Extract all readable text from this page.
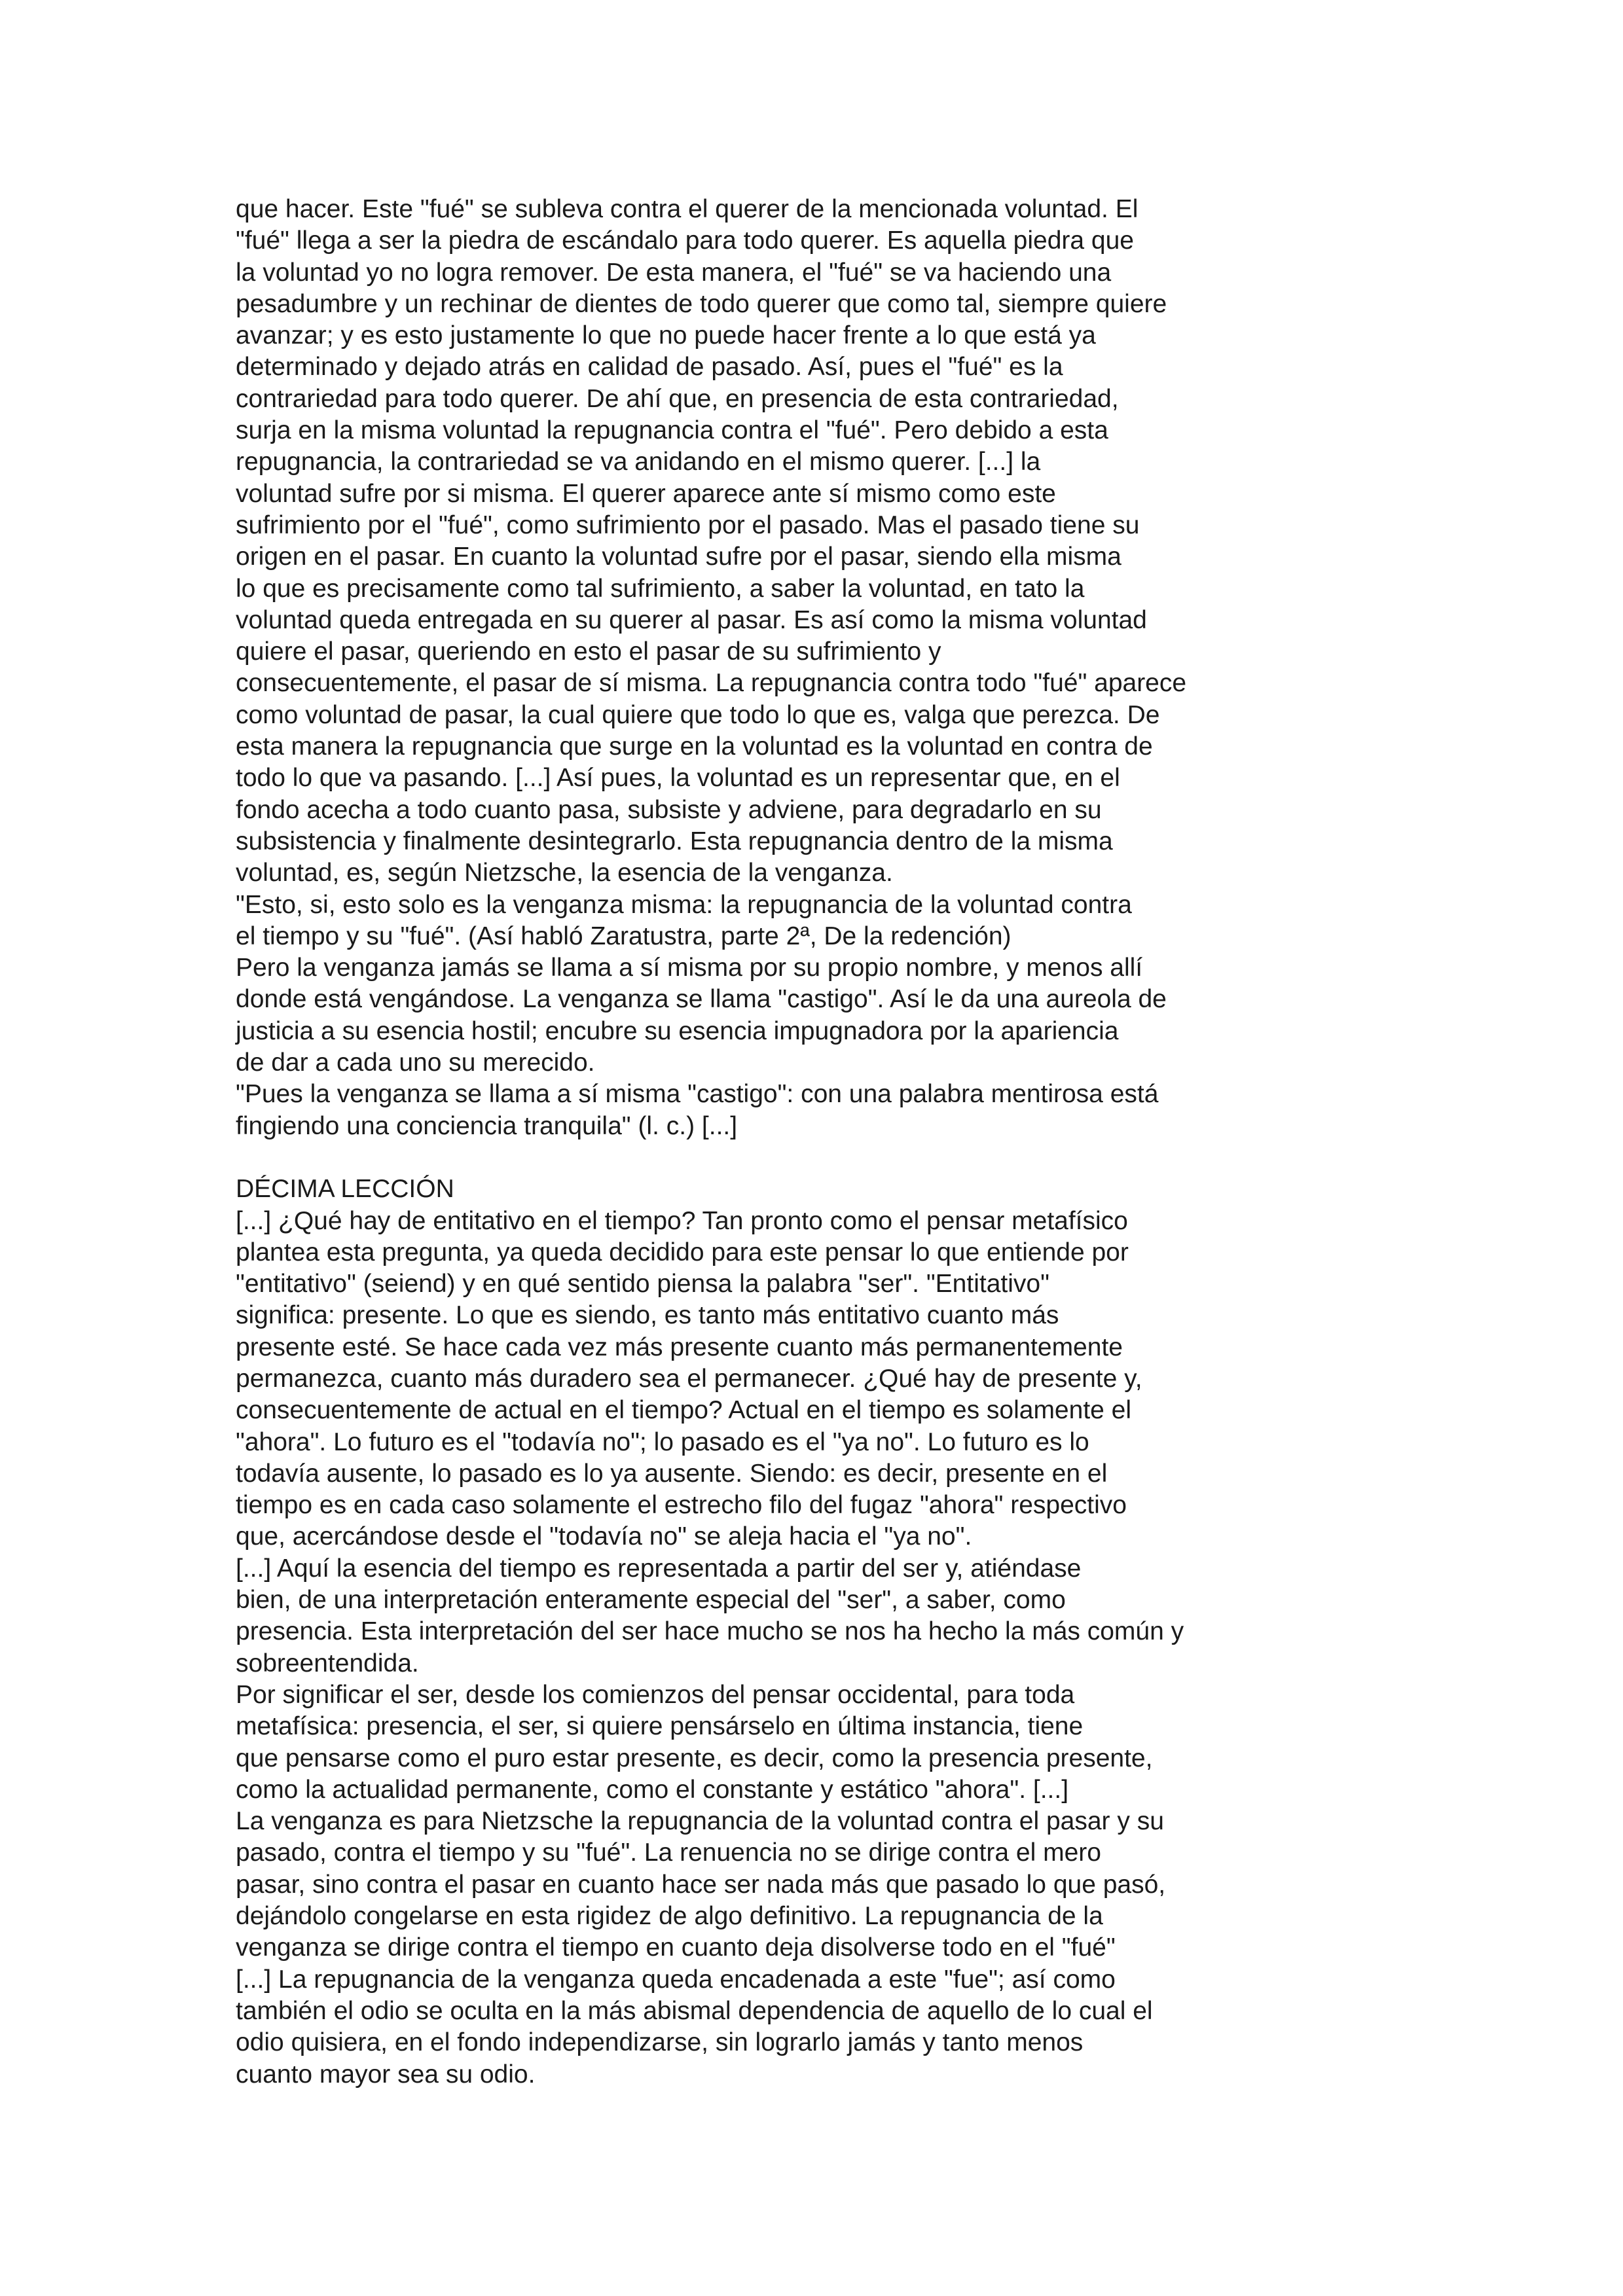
que hacer. Este "fué" se subleva contra el querer de la mencionada voluntad. El
"fué" llega a ser la piedra de escándalo para todo querer. Es aquella piedra que
la voluntad yo no logra remover. De esta manera, el "fué" se va haciendo una
pesadumbre y un rechinar de dientes de todo querer que como tal, siempre quiere
avanzar; y es esto justamente lo que no puede hacer frente a lo que está ya
determinado y dejado atrás en calidad de pasado. Así, pues el "fué" es la
contrariedad para todo querer. De ahí que, en presencia de esta contrariedad,
surja en la misma voluntad la repugnancia contra el "fué". Pero debido a esta
repugnancia, la contrariedad se va anidando en el mismo querer. [...] la
voluntad sufre por si misma. El querer aparece ante sí mismo como este
sufrimiento por el "fué", como sufrimiento por el pasado. Mas el pasado tiene su
origen en el pasar. En cuanto la voluntad sufre por el pasar, siendo ella misma
lo que es precisamente como tal sufrimiento, a saber la voluntad, en tato la
voluntad queda entregada en su querer al pasar. Es así como la misma voluntad
quiere el pasar, queriendo en esto el pasar de su sufrimiento y
consecuentemente, el pasar de sí misma. La repugnancia contra todo "fué" aparece
como voluntad de pasar, la cual quiere que todo lo que es, valga que perezca. De
esta manera la repugnancia que surge en la voluntad es la voluntad en contra de
todo lo que va pasando. [...] Así pues, la voluntad es un representar que, en el
fondo acecha a todo cuanto pasa, subsiste y adviene, para degradarlo en su
subsistencia y finalmente desintegrarlo. Esta repugnancia dentro de la misma
voluntad, es, según Nietzsche, la esencia de la venganza.
"Esto, si, esto solo es la venganza misma: la repugnancia de la voluntad contra
el tiempo y su "fué". (Así habló Zaratustra, parte 2ª, De la redención)
Pero la venganza jamás se llama a sí misma por su propio nombre, y menos allí
donde está vengándose. La venganza se llama "castigo". Así le da una aureola de
justicia a su esencia hostil; encubre su esencia impugnadora por la apariencia
de dar a cada uno su merecido.
"Pues la venganza se llama a sí misma "castigo": con una palabra mentirosa está
fingiendo una conciencia tranquila" (l. c.) [...]
DÉCIMA LECCIÓN
[...] ¿Qué hay de entitativo en el tiempo? Tan pronto como el pensar metafísico
plantea esta pregunta, ya queda decidido para este pensar lo que entiende por
"entitativo" (seiend) y en qué sentido piensa la palabra "ser". "Entitativo"
significa: presente. Lo que es siendo, es tanto más entitativo cuanto más
presente esté. Se hace cada vez más presente cuanto más permanentemente
permanezca, cuanto más duradero sea el permanecer. ¿Qué hay de presente y,
consecuentemente de actual en el tiempo? Actual en el tiempo es solamente el
"ahora". Lo futuro es el "todavía no"; lo pasado es el "ya no". Lo futuro es lo
todavía ausente, lo pasado es lo ya ausente. Siendo: es decir, presente en el
tiempo es en cada caso solamente el estrecho filo del fugaz "ahora" respectivo
que, acercándose desde el "todavía no" se aleja hacia el "ya no".
[...] Aquí la esencia del tiempo es representada a partir del ser y, atiéndase
bien, de una interpretación enteramente especial del "ser", a saber, como
presencia. Esta interpretación del ser hace mucho se nos ha hecho la más común y
sobreentendida.
Por significar el ser, desde los comienzos del pensar occidental, para toda
metafísica: presencia, el ser, si quiere pensárselo en última instancia, tiene
que pensarse como el puro estar presente, es decir, como la presencia presente,
como la actualidad permanente, como el constante y estático "ahora". [...]
La venganza es para Nietzsche la repugnancia de la voluntad contra el pasar y su
pasado, contra el tiempo y su "fué". La renuencia no se dirige contra el mero
pasar, sino contra el pasar en cuanto hace ser nada más que pasado lo que pasó,
dejándolo congelarse en esta rigidez de algo definitivo. La repugnancia de la
venganza se dirige contra el tiempo en cuanto deja disolverse todo en el "fué"
[...] La repugnancia de la venganza queda encadenada a este "fue"; así como
también el odio se oculta en la más abismal dependencia de aquello de lo cual el
odio quisiera, en el fondo independizarse, sin lograrlo jamás y tanto menos
cuanto mayor sea su odio.
